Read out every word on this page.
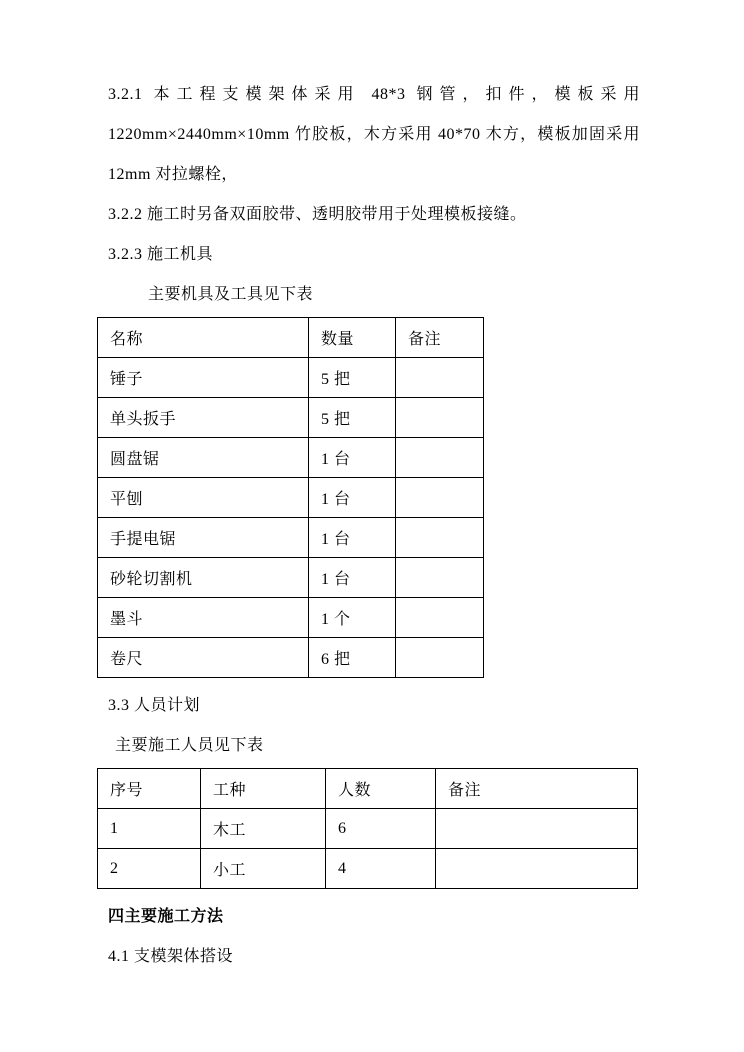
3.2.1 本工程支模架体采用 48*3 钢管，扣件，模板采用 1220mm×2440mm×10mm 竹胶板，木方采用 40*70 木方，模板加固采用 12mm 对拉螺栓，

3.2.2 施工时另备双面胶带、透明胶带用于处理模板接缝。

3.2.3 施工机具

主要机具及工具见下表

名称	数量	备注
锤子	5 把	
单头扳手	5 把	
圆盘锯	1 台	
平刨	1 台	
手提电锯	1 台	
砂轮切割机	1 台	
墨斗	1 个	
卷尺	6 把	

3.3 人员计划

主要施工人员见下表

序号	工种	人数	备注
1	木工	6	
2	小工	4	

四主要施工方法

4.1 支模架体搭设
